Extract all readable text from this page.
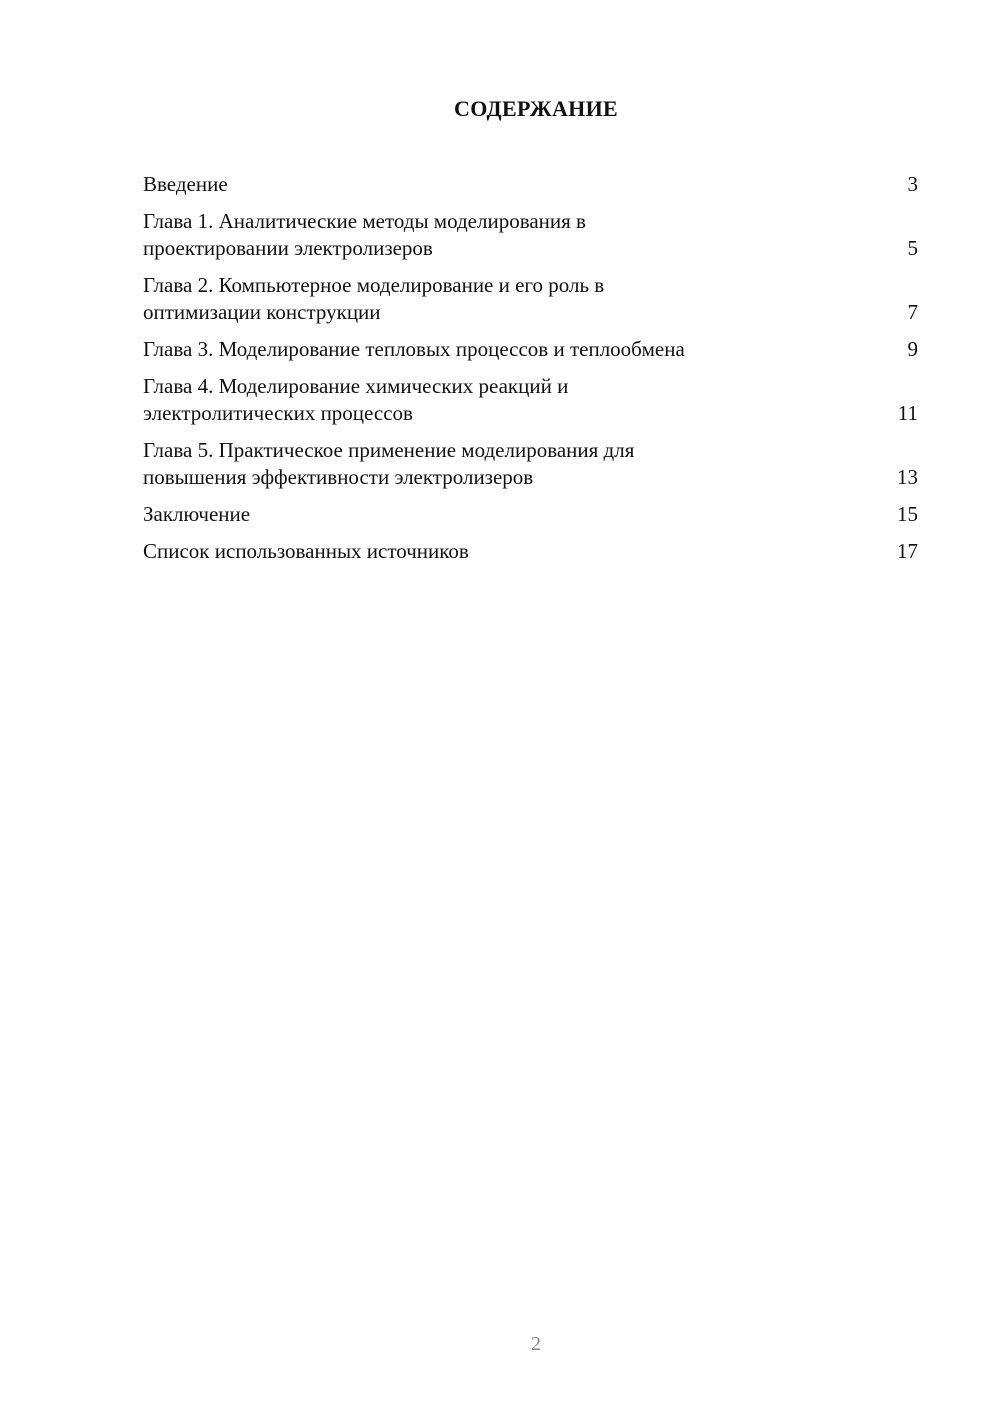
СОДЕРЖАНИЕ
Введение	3
Глава 1. Аналитические методы моделирования в
проектировании электролизеров	5
Глава 2. Компьютерное моделирование и его роль в
оптимизации конструкции	7
Глава 3. Моделирование тепловых процессов и теплообмена	9
Глава 4. Моделирование химических реакций и
электролитических процессов	11
Глава 5. Практическое применение моделирования для
повышения эффективности электролизеров	13
Заключение	15
Список использованных источников	17
2
